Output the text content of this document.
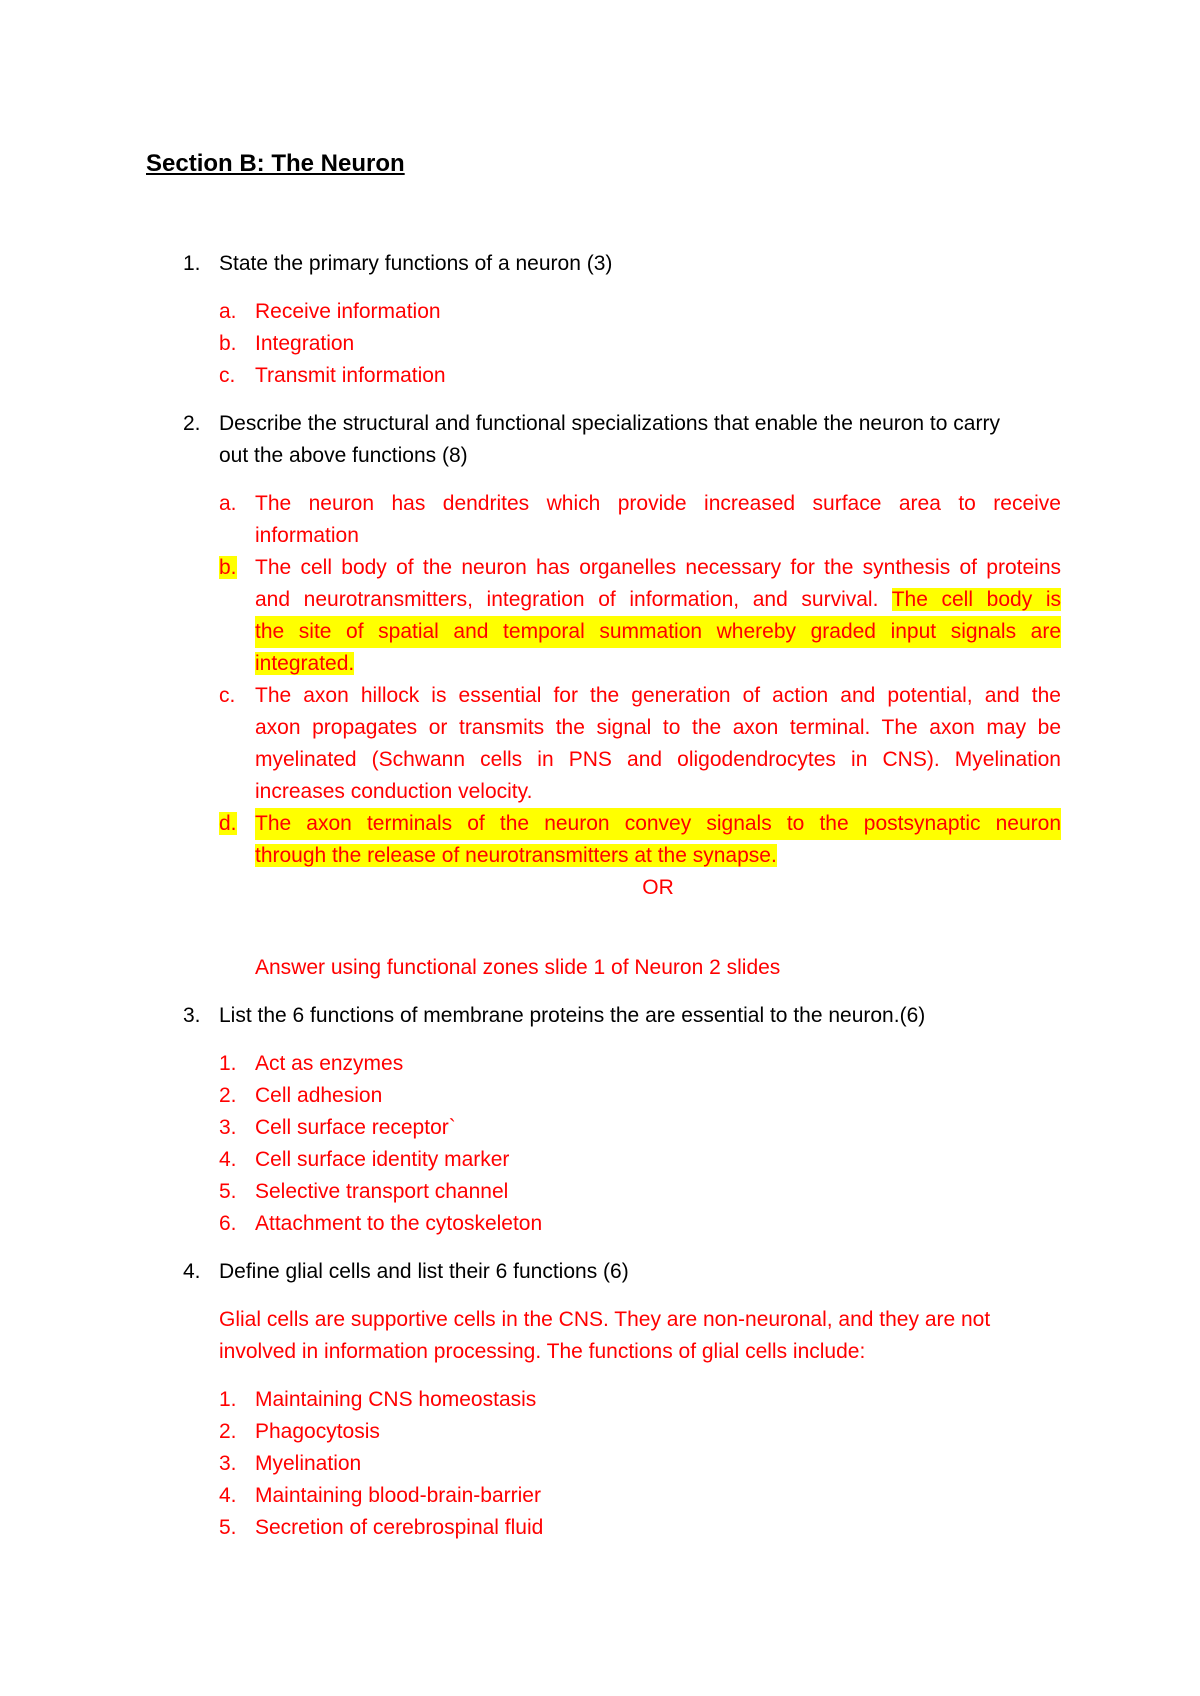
Section B: The Neuron
1. State the primary functions of a neuron (3)
a. Receive information
b. Integration
c. Transmit information
2. Describe the structural and functional specializations that enable the neuron to carry
out the above functions (8)
a. The neuron has dendrites which provide increased surface area to receive
information
b. The cell body of the neuron has organelles necessary for the synthesis of proteins
and neurotransmitters, integration of information, and survival. The cell body is
the site of spatial and temporal summation whereby graded input signals are
integrated.
c. The axon hillock is essential for the generation of action and potential, and the
axon propagates or transmits the signal to the axon terminal. The axon may be
myelinated (Schwann cells in PNS and oligodendrocytes in CNS). Myelination
increases conduction velocity.
d. The axon terminals of the neuron convey signals to the postsynaptic neuron
through the release of neurotransmitters at the synapse.
OR
Answer using functional zones slide 1 of Neuron 2 slides
3. List the 6 functions of membrane proteins the are essential to the neuron.(6)
1. Act as enzymes
2. Cell adhesion
3. Cell surface receptor`
4. Cell surface identity marker
5. Selective transport channel
6. Attachment to the cytoskeleton
4. Define glial cells and list their 6 functions (6)
Glial cells are supportive cells in the CNS. They are non-neuronal, and they are not
involved in information processing. The functions of glial cells include:
1. Maintaining CNS homeostasis
2. Phagocytosis
3. Myelination
4. Maintaining blood-brain-barrier
5. Secretion of cerebrospinal fluid
